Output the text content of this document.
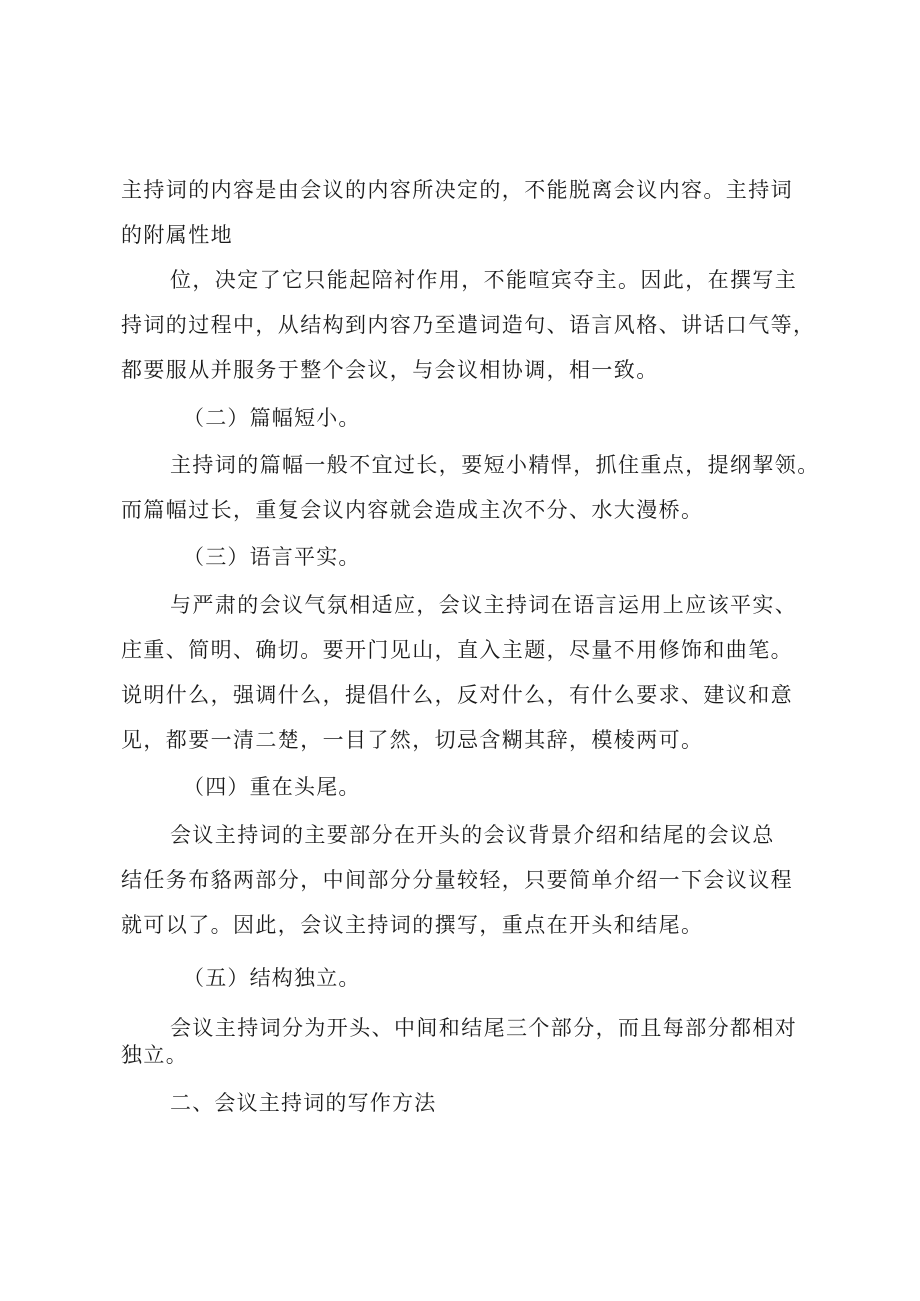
主持词的内容是由会议的内容所决定的，不能脱离会议内容。主持词

的附属性地

位，决定了它只能起陪衬作用，不能喧宾夺主。因此，在撰写主

持词的过程中，从结构到内容乃至遣词造句、语言风格、讲话口气等，

都要服从并服务于整个会议，与会议相协调，相一致。

（二）篇幅短小。

主持词的篇幅一般不宜过长，要短小精悍，抓住重点，提纲挈领。

而篇幅过长，重复会议内容就会造成主次不分、水大漫桥。

（三）语言平实。

与严肃的会议气氛相适应，会议主持词在语言运用上应该平实、

庄重、简明、确切。要开门见山，直入主题，尽量不用修饰和曲笔。

说明什么，强调什么，提倡什么，反对什么，有什么要求、建议和意

见，都要一清二楚，一目了然，切忌含糊其辞，模棱两可。

（四）重在头尾。

会议主持词的主要部分在开头的会议背景介绍和结尾的会议总

结任务布貉两部分，中间部分分量较轻，只要简单介绍一下会议议程

就可以了。因此，会议主持词的撰写，重点在开头和结尾。

（五）结构独立。

会议主持词分为开头、中间和结尾三个部分，而且每部分都相对

独立。

二、会议主持词的写作方法
